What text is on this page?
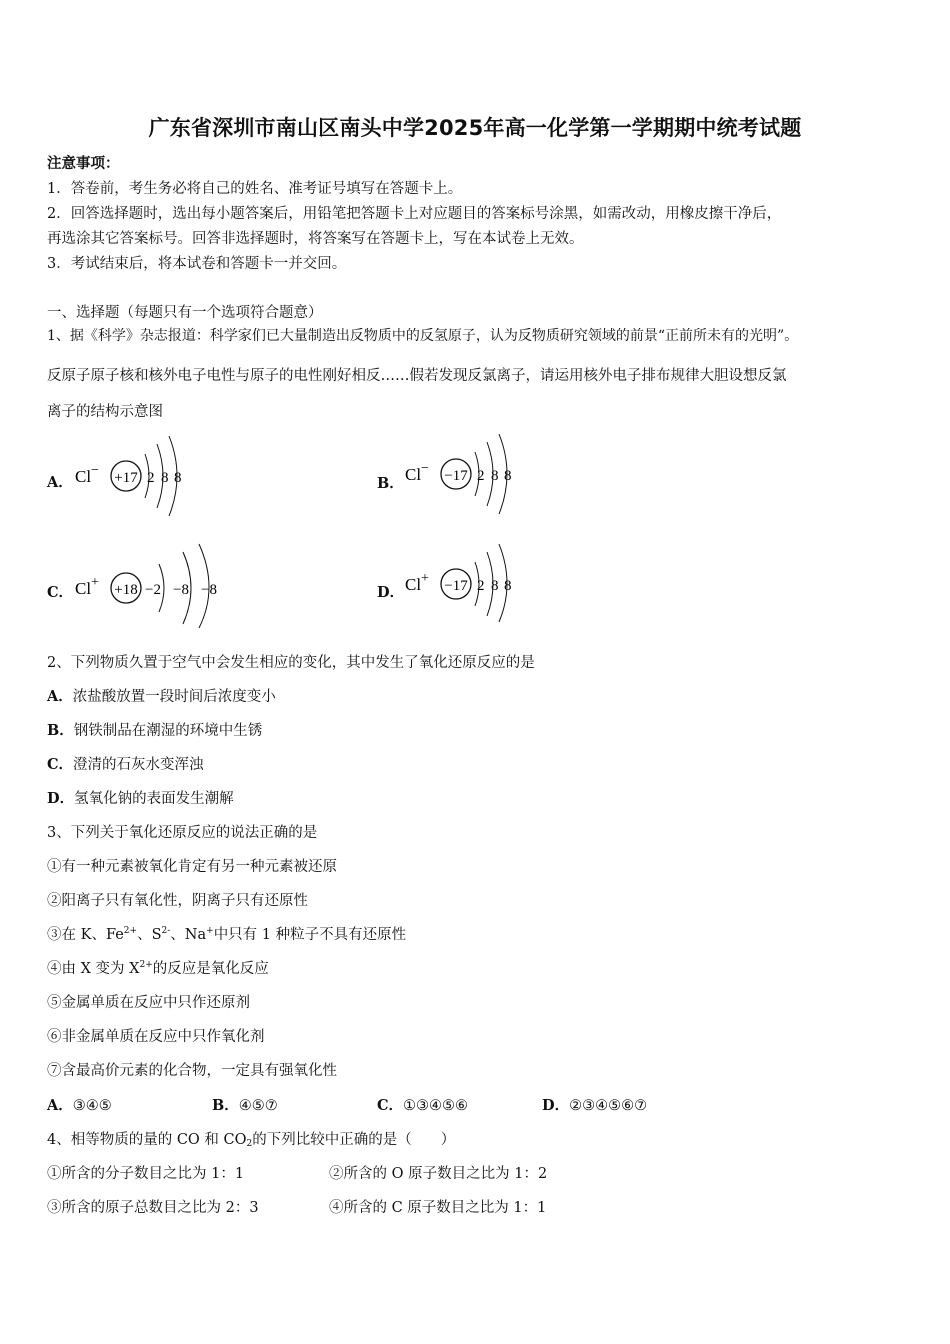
广东省深圳市南山区南头中学2025年高一化学第一学期期中统考试题
注意事项：
1．答卷前，考生务必将自己的姓名、准考证号填写在答题卡上。
2．回答选择题时，选出每小题答案后，用铅笔把答题卡上对应题目的答案标号涂黑，如需改动，用橡皮擦干净后，
再选涂其它答案标号。回答非选择题时，将答案写在答题卡上，写在本试卷上无效。
3．考试结束后，将本试卷和答题卡一并交回。
一、选择题（每题只有一个选项符合题意）
1、据《科学》杂志报道：科学家们已大量制造出反物质中的反氢原子，认为反物质研究领域的前景“正前所未有的光明”。
反原子原子核和核外电子电性与原子的电性刚好相反……假若发现反氯离子，请运用核外电子排布规律大胆设想反氯
离子的结构示意图
A． Cl − +17 2 8 8	B． Cl − −17 2 8 8
C． Cl + +18 −2 −8 −8	D． Cl + −17 2 8 8
2、下列物质久置于空气中会发生相应的变化，其中发生了氧化还原反应的是
A．浓盐酸放置一段时间后浓度变小
B．钢铁制品在潮湿的环境中生锈
C．澄清的石灰水变浑浊
D．氢氧化钠的表面发生潮解
3、下列关于氧化还原反应的说法正确的是
①有一种元素被氧化肯定有另一种元素被还原
②阳离子只有氧化性，阴离子只有还原性
③在 K、$Fe^{2+}$、$S^{2-}$、Na+中只有 1 种粒子不具有还原性
④由 X 变为 $X^{2+}$的反应是氧化反应
⑤金属单质在反应中只作还原剂
⑥非金属单质在反应中只作氧化剂
⑦含最高价元素的化合物，一定具有强氧化性
A．③④⑤	B．④⑤⑦	C．①③④⑤⑥	D．②③④⑤⑥⑦
4、相等物质的量的 CO 和 $CO_2$的下列比较中正确的是（　　）
①所含的分子数目之比为 1：1	②所含的 O 原子数目之比为 1：2
③所含的原子总数目之比为 2：3	④所含的 C 原子数目之比为 1：1
